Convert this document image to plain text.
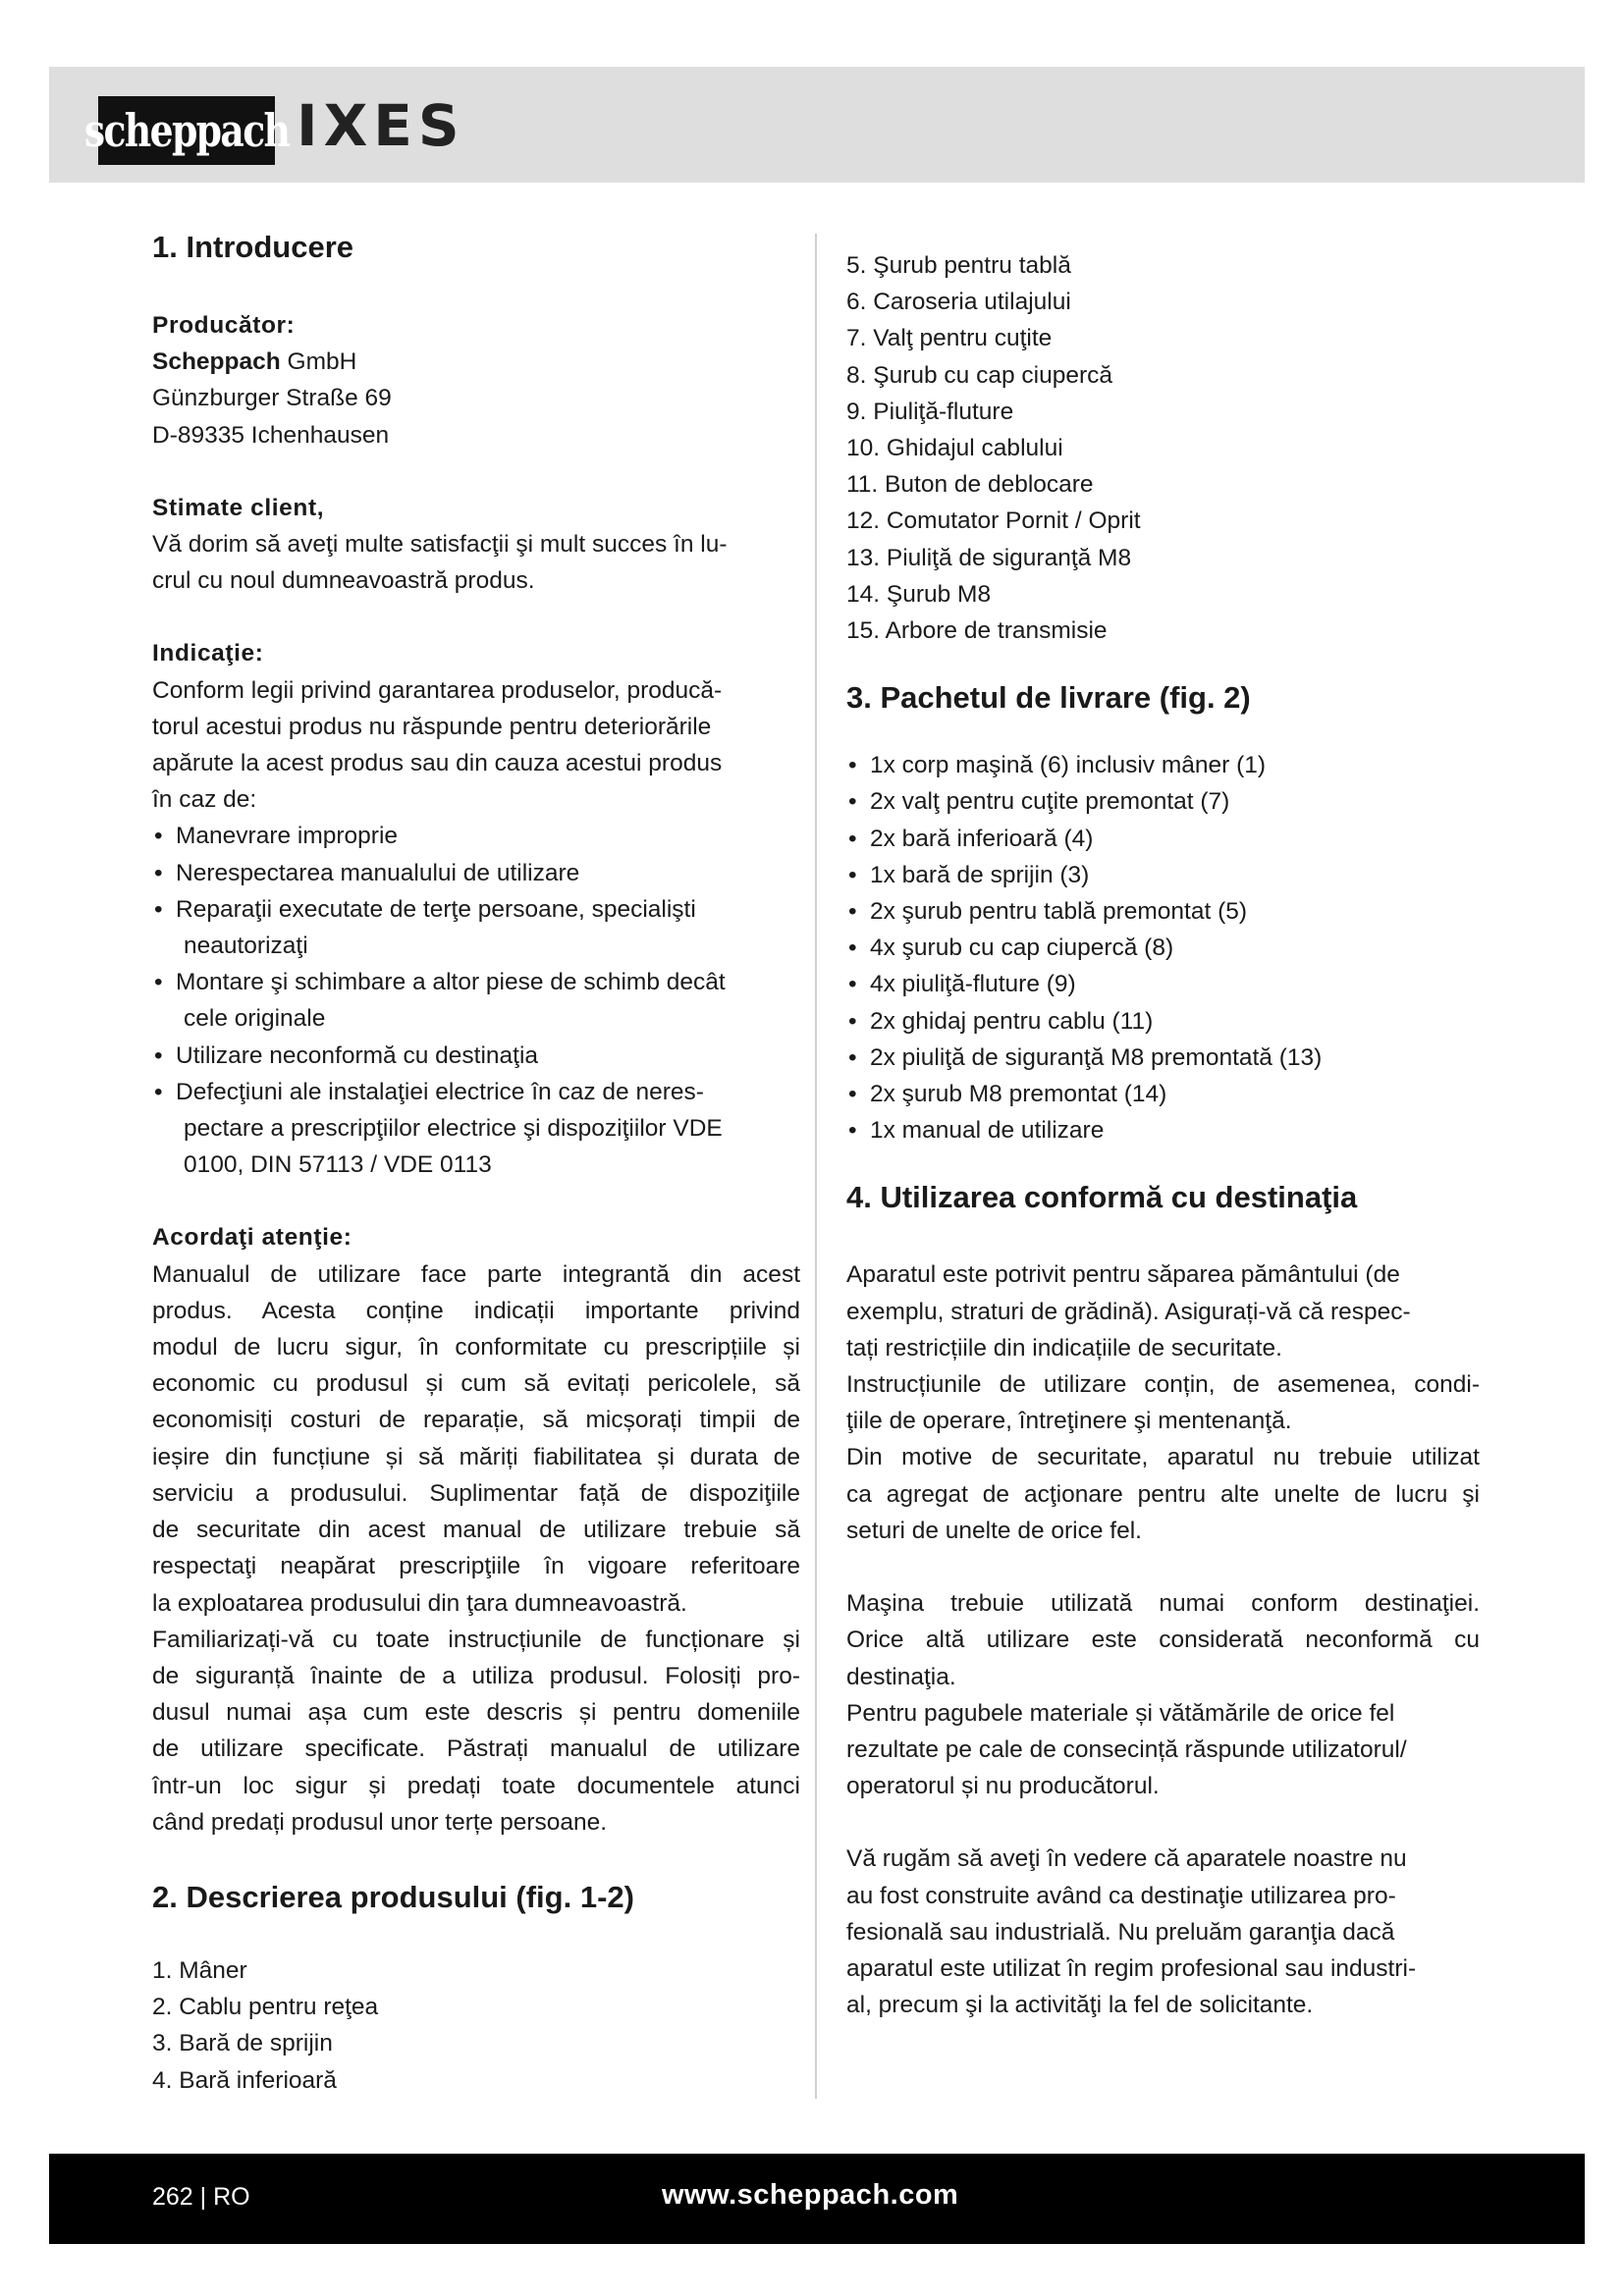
scheppach IXES
1. Introducere

Producător:

Scheppach GmbH

Günzburger Straße 69

D-89335 Ichenhausen

Stimate client,

Vă dorim să aveţi multe satisfacţii şi mult succes în lu-

crul cu noul dumneavoastră produs.

Indicaţie:

Conform legii privind garantarea produselor, producă-

torul acestui produs nu răspunde pentru deteriorările

apărute la acest produs sau din cauza acestui produs

în caz de:

• Manevrare improprie
• Nerespectarea manualului de utilizare
• Reparaţii executate de terţe persoane, specialişti
neautorizaţi
• Montare şi schimbare a altor piese de schimb decât
cele originale
• Utilizare neconformă cu destinaţia
• Defecţiuni ale instalaţiei electrice în caz de neres-
pectare a prescripţiilor electrice şi dispoziţiilor VDE
0100, DIN 57113 / VDE 0113

Acordaţi atenţie:

Manualul de utilizare face parte integrantă din acest

produs. Acesta conține indicații importante privind

modul de lucru sigur, în conformitate cu prescripțiile și

economic cu produsul și cum să evitați pericolele, să

economisiți costuri de reparație, să micșorați timpii de

ieșire din funcțiune și să măriți fiabilitatea și durata de

serviciu a produsului. Suplimentar față de dispoziţiile

de securitate din acest manual de utilizare trebuie să

respectaţi neapărat prescripţiile în vigoare referitoare

la exploatarea produsului din ţara dumneavoastră.

Familiarizați-vă cu toate instrucțiunile de funcționare și

de siguranță înainte de a utiliza produsul. Folosiți pro-

dusul numai așa cum este descris și pentru domeniile

de utilizare specificate. Păstrați manualul de utilizare

într-un loc sigur și predați toate documentele atunci

când predați produsul unor terțe persoane.

2. Descrierea produsului (fig. 1-2)
1. Mâner
2. Cablu pentru reţea
3. Bară de sprijin
4. Bară inferioară
5. Şurub pentru tablă
6. Caroseria utilajului
7. Valţ pentru cuţite
8. Şurub cu cap ciupercă
9. Piuliţă-fluture
10. Ghidajul cablului
11. Buton de deblocare
12. Comutator Pornit / Oprit
13. Piuliţă de siguranţă M8
14. Şurub M8
15. Arbore de transmisie
3. Pachetul de livrare (fig. 2)
• 1x corp maşină (6) inclusiv mâner (1)
• 2x valţ pentru cuţite premontat (7)
• 2x bară inferioară (4)
• 1x bară de sprijin (3)
• 2x şurub pentru tablă premontat (5)
• 4x şurub cu cap ciupercă (8)
• 4x piuliţă-fluture (9)
• 2x ghidaj pentru cablu (11)
• 2x piuliţă de siguranţă M8 premontată (13)
• 2x şurub M8 premontat (14)
• 1x manual de utilizare
4. Utilizarea conformă cu destinaţia

Aparatul este potrivit pentru săparea pământului (de

exemplu, straturi de grădină). Asigurați-vă că respec-

tați restricțiile din indicațiile de securitate.

Instrucțiunile de utilizare conțin, de asemenea, condi-

ţiile de operare, întreţinere şi mentenanţă.

Din motive de securitate, aparatul nu trebuie utilizat

ca agregat de acţionare pentru alte unelte de lucru şi

seturi de unelte de orice fel.

Maşina trebuie utilizată numai conform destinaţiei.

Orice altă utilizare este considerată neconformă cu

destinaţia.

Pentru pagubele materiale și vătămările de orice fel

rezultate pe cale de consecință răspunde utilizatorul/

operatorul și nu producătorul.

Vă rugăm să aveţi în vedere că aparatele noastre nu

au fost construite având ca destinaţie utilizarea pro-

fesională sau industrială. Nu preluăm garanţia dacă

aparatul este utilizat în regim profesional sau industri-

al, precum şi la activităţi la fel de solicitante.

262 | RO	www.scheppach.com
